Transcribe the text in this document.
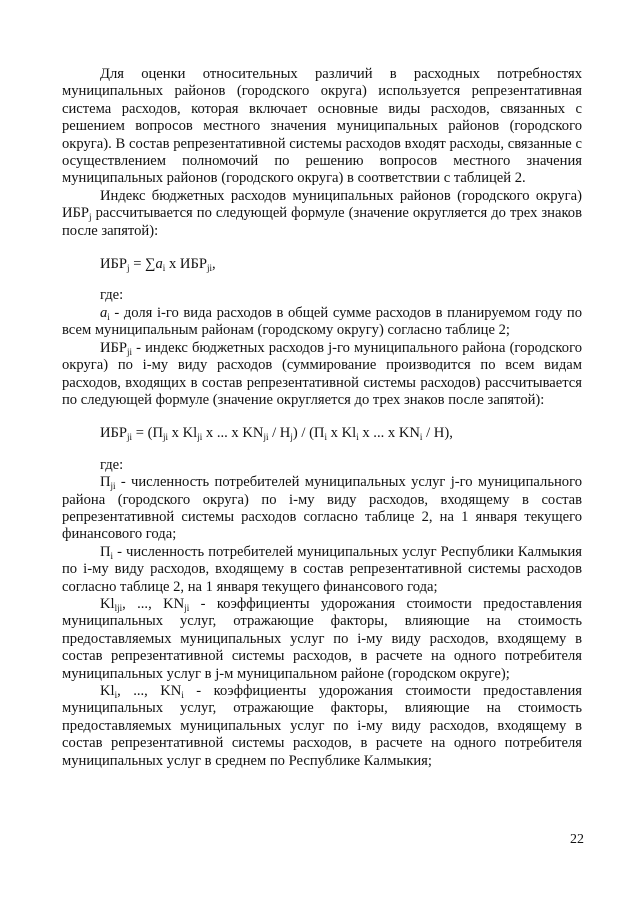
Для оценки относительных различий в расходных потребностях муниципальных районов (городского округа) используется репрезентативная система расходов, которая включает основные виды расходов, связанных с решением вопросов местного значения муниципальных районов (городского округа). В состав репрезентативной системы расходов входят расходы, связанные с осуществлением полномочий по решению вопросов местного значения муниципальных районов (городского округа) в соответствии с таблицей 2.

Индекс бюджетных расходов муниципальных районов (городского округа) $ИБР_j$ рассчитывается по следующей формуле (значение округляется до трех знаков после запятой):

$ИБР_j = \sum a_i$ x $ИБР_{ji}$,
где:

$a_i$ - доля i-го вида расходов в общей сумме расходов в планируемом году по всем муниципальным районам (городскому округу) согласно таблице 2;

$ИБР_{ji}$ - индекс бюджетных расходов j-го муниципального района (городского округа) по i-му виду расходов (суммирование производится по всем видам расходов, входящих в состав репрезентативной системы расходов) рассчитывается по следующей формуле (значение округляется до трех знаков после запятой):

$ИБР_{ji} = (П_{ji}$ x $Kl_{ji}$ x ... x $KN_{ji} / H_j) / (П_i$ x $Kl_i$ x ... x $KN_i / H$),
где:

$П_{ji}$ - численность потребителей муниципальных услуг j-го муниципального района (городского округа) по i-му виду расходов, входящему в состав репрезентативной системы расходов согласно таблице 2, на 1 января текущего финансового года;

$П_i$ - численность потребителей муниципальных услуг Республики Калмыкия по i-му виду расходов, входящему в состав репрезентативной системы расходов согласно таблице 2, на 1 января текущего финансового года;

$Kl_{lji}$, ..., $KN_{ji}$ - коэффициенты удорожания стоимости предоставления муниципальных услуг, отражающие факторы, влияющие на стоимость предоставляемых муниципальных услуг по i-му виду расходов, входящему в состав репрезентативной системы расходов, в расчете на одного потребителя муниципальных услуг в j-м муниципальном районе (городском округе);

$Kl_i$, ..., $KN_i$ - коэффициенты удорожания стоимости предоставления муниципальных услуг, отражающие факторы, влияющие на стоимость предоставляемых муниципальных услуг по i-му виду расходов, входящему в состав репрезентативной системы расходов, в расчете на одного потребителя муниципальных услуг в среднем по Республике Калмыкия;

22
